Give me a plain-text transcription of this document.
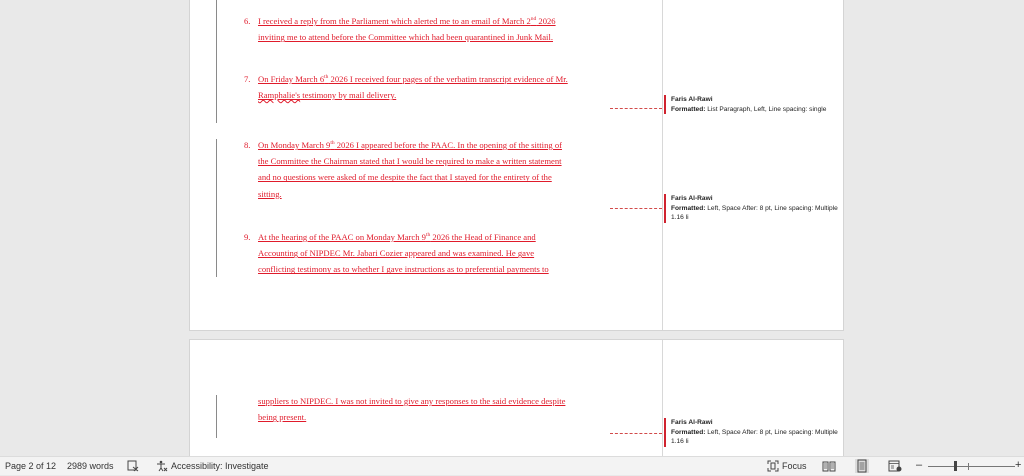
6. I received a reply from the Parliament which alerted me to an email of March 2nd 2026
inviting me to attend before the Committee which had been quarantined in Junk Mail.
7. On Friday March 6th 2026 I received four pages of the verbatim transcript evidence of Mr.
Ramphalie's testimony by mail delivery.
8. On Monday March 9th 2026 I appeared before the PAAC. In the opening of the sitting of
the Committee the Chairman stated that I would be required to make a written statement
and no questions were asked of me despite the fact that I stayed for the entirety of the
sitting.
9. At the hearing of the PAAC on Monday March 9th 2026 the Head of Finance and
Accounting of NIPDEC Mr. Jabari Cozier appeared and was examined. He gave
conflicting testimony as to whether I gave instructions as to preferential payments to
Faris Al-Rawi
Formatted: List Paragraph, Left, Line spacing: single
Faris Al-Rawi
Formatted: Left, Space After: 8 pt, Line spacing: Multiple 1.16 li
suppliers to NIPDEC. I was not invited to give any responses to the said evidence despite
being present.
Faris Al-Rawi
Formatted: Left, Space After: 8 pt, Line spacing: Multiple 1.16 li
Page 2 of 12 2989 words	Accessibility: Investigate	Focus	–	+
